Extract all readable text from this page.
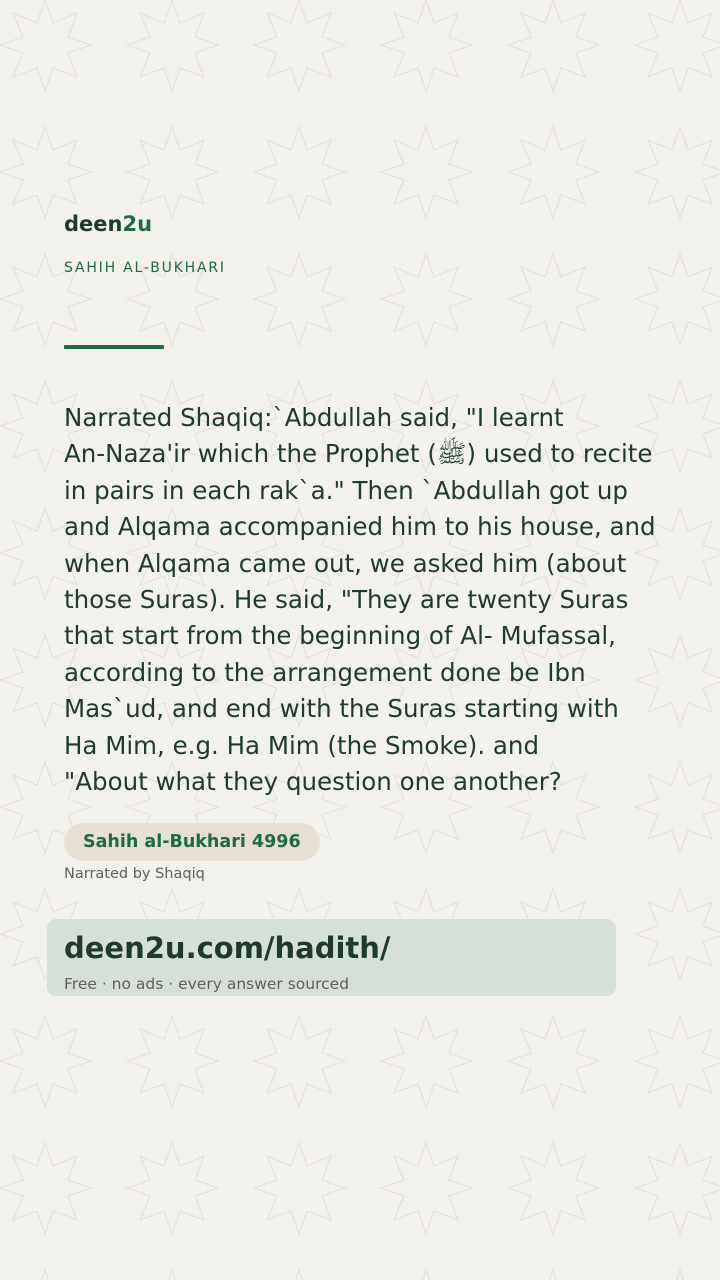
deen2u
SAHIH AL-BUKHARI
Narrated Shaqiq:`Abdullah said, "I learnt
An-Naza'ir which the Prophet (ﷺ) used to recite
in pairs in each rak`a." Then `Abdullah got up
and Alqama accompanied him to his house, and
when Alqama came out, we asked him (about
those Suras). He said, "They are twenty Suras
that start from the beginning of Al- Mufassal,
according to the arrangement done be Ibn
Mas`ud, and end with the Suras starting with
Ha Mim, e.g. Ha Mim (the Smoke). and
"About what they question one another?
Sahih al-Bukhari 4996
Narrated by Shaqiq
deen2u.com/hadith/
Free · no ads · every answer sourced
